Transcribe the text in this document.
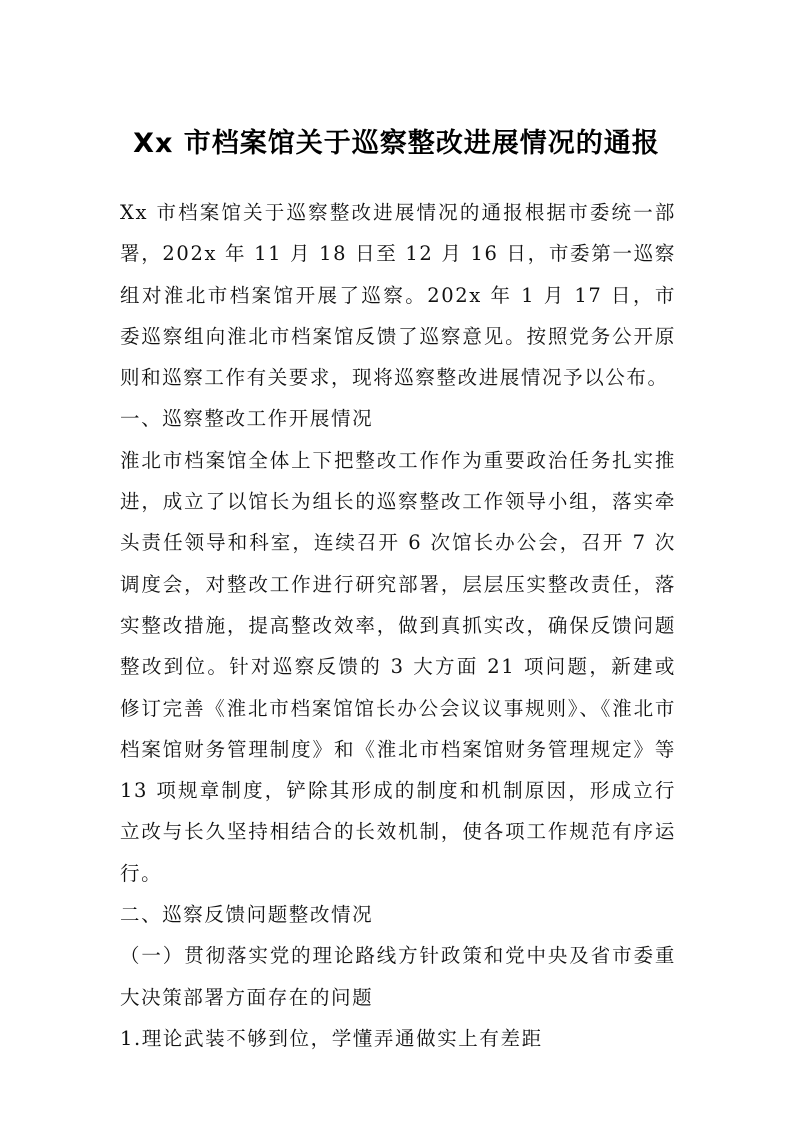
Xx 市档案馆关于巡察整改进展情况的通报

Xx 市档案馆关于巡察整改进展情况的通报根据市委统一部署，202x 年 11 月 18 日至 12 月 16 日，市委第一巡察组对淮北市档案馆开展了巡察。202x 年 1 月 17 日，市委巡察组向淮北市档案馆反馈了巡察意见。按照党务公开原则和巡察工作有关要求，现将巡察整改进展情况予以公布。

一、巡察整改工作开展情况

淮北市档案馆全体上下把整改工作作为重要政治任务扎实推进，成立了以馆长为组长的巡察整改工作领导小组，落实牵头责任领导和科室，连续召开 6 次馆长办公会，召开 7 次调度会，对整改工作进行研究部署，层层压实整改责任，落实整改措施，提高整改效率，做到真抓实改，确保反馈问题整改到位。针对巡察反馈的 3 大方面 21 项问题，新建或修订完善《淮北市档案馆馆长办公会议议事规则》、《淮北市档案馆财务管理制度》和《淮北市档案馆财务管理规定》等 13 项规章制度，铲除其形成的制度和机制原因，形成立行立改与长久坚持相结合的长效机制，使各项工作规范有序运行。

二、巡察反馈问题整改情况

（一）贯彻落实党的理论路线方针政策和党中央及省市委重大决策部署方面存在的问题

1.理论武装不够到位，学懂弄通做实上有差距
